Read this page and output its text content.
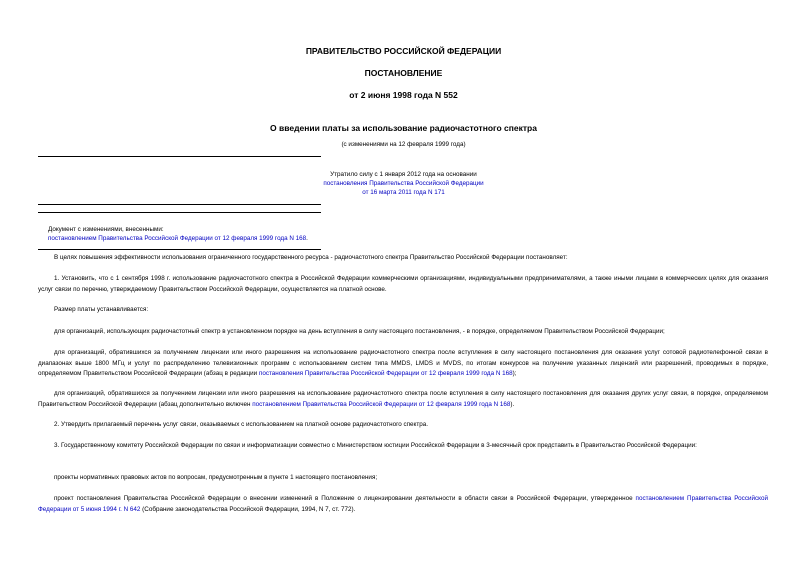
ПРАВИТЕЛЬСТВО РОССИЙСКОЙ ФЕДЕРАЦИИ
ПОСТАНОВЛЕНИЕ
от 2 июня 1998 года N 552
О введении платы за использование радиочастотного спектра
(с изменениями на 12 февраля 1999 года)
Утратило силу с 1 января 2012 года на основании
постановления Правительства Российской Федерации
от 16 марта 2011 года N 171
Документ с изменениями, внесенными:
постановлением Правительства Российской Федерации от 12 февраля 1999 года N 168.
В целях повышения эффективности использования ограниченного государственного ресурса - радиочастотного спектра Правительство Российской Федерации постановляет:
1. Установить, что с 1 сентября 1998 г. использование радиочастотного спектра в Российской Федерации коммерческими организациями, индивидуальными предпринимателями, а также иными лицами в коммерческих целях для оказания услуг связи по перечню, утверждаемому Правительством Российской Федерации, осуществляется на платной основе.
Размер платы устанавливается:
для организаций, использующих радиочастотный спектр в установленном порядке на день вступления в силу настоящего постановления, - в порядке, определяемом Правительством Российской Федерации;
для организаций, обратившихся за получением лицензии или иного разрешения на использование радиочастотного спектра после вступления в силу настоящего постановления для оказания услуг сотовой радиотелефонной связи в диапазонах выше 1800 МГц и услуг по распределению телевизионных программ с использованием систем типа MMDS, LMDS и MVDS, по итогам конкурсов на получение указанных лицензий или разрешений, проводимых в порядке, определяемом Правительством Российской Федерации (абзац в редакции постановления Правительства Российской Федерации от 12 февраля 1999 года N 168);
для организаций, обратившихся за получением лицензии или иного разрешения на использование радиочастотного спектра после вступления в силу настоящего постановления для оказания других услуг связи, в порядке, определяемом Правительством Российской Федерации (абзац дополнительно включен постановлением Правительства Российской Федерации от 12 февраля 1999 года N 168).
2. Утвердить прилагаемый перечень услуг связи, оказываемых с использованием на платной основе радиочастотного спектра.
3. Государственному комитету Российской Федерации по связи и информатизации совместно с Министерством юстиции Российской Федерации в 3-месячный срок представить в Правительство Российской Федерации:
проекты нормативных правовых актов по вопросам, предусмотренным в пункте 1 настоящего постановления;
проект постановления Правительства Российской Федерации о внесении изменений в Положение о лицензировании деятельности в области связи в Российской Федерации, утвержденное постановлением Правительства Российской Федерации от 5 июня 1994 г. N 642 (Собрание законодательства Российской Федерации, 1994, N 7, ст. 772).
